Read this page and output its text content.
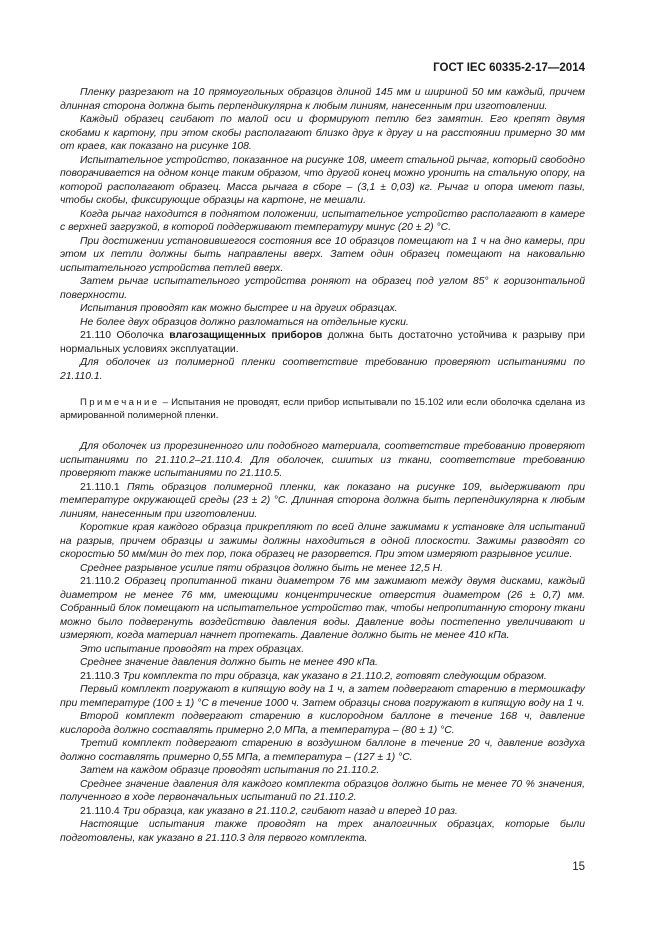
ГОСТ IEC 60335-2-17—2014

Пленку разрезают на 10 прямоугольных образцов длиной 145 мм и шириной 50 мм каждый, причем длинная сторона должна быть перпендикулярна к любым линиям, нанесенным при изготовлении.

Каждый образец сгибают по малой оси и формируют петлю без замятин. Его крепят двумя скобами к картону, при этом скобы располагают близко друг к другу и на расстоянии примерно 30 мм от краев, как показано на рисунке 108.

Испытательное устройство, показанное на рисунке 108, имеет стальной рычаг, который свободно поворачивается на одном конце таким образом, что другой конец можно уронить на стальную опору, на которой располагают образец. Масса рычага в сборе – (3,1 ± 0,03) кг. Рычаг и опора имеют пазы, чтобы скобы, фиксирующие образцы на картоне, не мешали.

Когда рычаг находится в поднятом положении, испытательное устройство располагают в камере с верхней загрузкой, в которой поддерживают температуру минус (20 ± 2) °С.

При достижении установившегося состояния все 10 образцов помещают на 1 ч на дно камеры, при этом их петли должны быть направлены вверх. Затем один образец помещают на наковальню испытательного устройства петлей вверх.

Затем рычаг испытательного устройства роняют на образец под углом 85° к горизонтальной поверхности.

Испытания проводят как можно быстрее и на других образцах.

Не более двух образцов должно разломаться на отдельные куски.

21.110 Оболочка влагозащищенных приборов должна быть достаточно устойчива к разрыву при нормальных условиях эксплуатации.

Для оболочек из полимерной пленки соответствие требованию проверяют испытаниями по 21.110.1.

Примечание – Испытания не проводят, если прибор испытывали по 15.102 или если оболочка сделана из армированной полимерной пленки.

Для оболочек из прорезиненного или подобного материала, соответствие требованию проверяют испытаниями по 21.110.2–21.110.4. Для оболочек, сшитых из ткани, соответствие требованию проверяют также испытаниями по 21.110.5.

21.110.1 Пять образцов полимерной пленки, как показано на рисунке 109, выдерживают при температуре окружающей среды (23 ± 2) °С. Длинная сторона должна быть перпендикулярна к любым линиям, нанесенным при изготовлении.

Короткие края каждого образца прикрепляют по всей длине зажимами к установке для испытаний на разрыв, причем образцы и зажимы должны находиться в одной плоскости. Зажимы разводят со скоростью 50 мм/мин до тех пор, пока образец не разорвется. При этом измеряют разрывное усилие.

Среднее разрывное усилие пяти образцов должно быть не менее 12,5 Н.

21.110.2 Образец пропитанной ткани диаметром 76 мм зажимают между двумя дисками, каждый диаметром не менее 76 мм, имеющими концентрические отверстия диаметром (26 ± 0,7) мм. Собранный блок помещают на испытательное устройство так, чтобы непропитанную сторону ткани можно было подвергнуть воздействию давления воды. Давление воды постепенно увеличивают и измеряют, когда материал начнет протекать. Давление должно быть не менее 410 кПа.

Это испытание проводят на трех образцах.

Среднее значение давления должно быть не менее 490 кПа.

21.110.3 Три комплекта по три образца, как указано в 21.110.2, готовят следующим образом.

Первый комплект погружают в кипящую воду на 1 ч, а затем подвергают старению в термошкафу при температуре (100 ± 1) °С в течение 1000 ч. Затем образцы снова погружают в кипящую воду на 1 ч.

Второй комплект подвергают старению в кислородном баллоне в течение 168 ч, давление кислорода должно составлять примерно 2,0 МПа, а температура – (80 ± 1) °С.

Третий комплект подвергают старению в воздушном баллоне в течение 20 ч, давление воздуха должно составлять примерно 0,55 МПа, а температура – (127 ± 1) °С.

Затем на каждом образце проводят испытания по 21.110.2.

Среднее значение давления для каждого комплекта образцов должно быть не менее 70 % значения, полученного в ходе первоначальных испытаний по 21.110.2.

21.110.4 Три образца, как указано в 21.110.2, сгибают назад и вперед 10 раз.

Настоящие испытания также проводят на трех аналогичных образцах, которые были подготовлены, как указано в 21.110.3 для первого комплекта.

15
